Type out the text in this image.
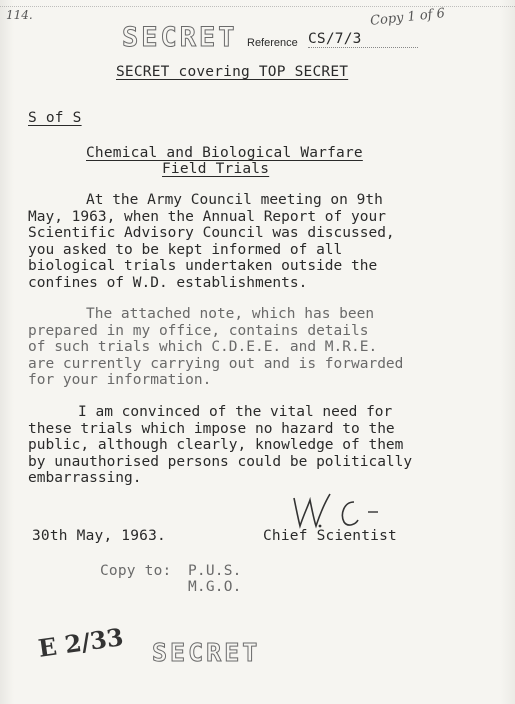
114.	Copy 1 of 6
SECRET Reference CS/7/3
SECRET covering TOP SECRET
S of S
Chemical and Biological Warfare
Field Trials

At the Army Council meeting on 9th

May, 1963, when the Annual Report of your

Scientific Advisory Council was discussed,

you asked to be kept informed of all

biological trials undertaken outside the

confines of W.D. establishments.

The attached note, which has been

prepared in my office, contains details

of such trials which C.D.E.E. and M.R.E.

are currently carrying out and is forwarded

for your information.

I am convinced of the vital need for

these trials which impose no hazard to the

public, although clearly, knowledge of them

by unauthorised persons could be politically

embarrassing.

30th May, 1963.	Chief Scientist
Copy to: P.U.S.
M.G.O.
E 2/33 SECRET
